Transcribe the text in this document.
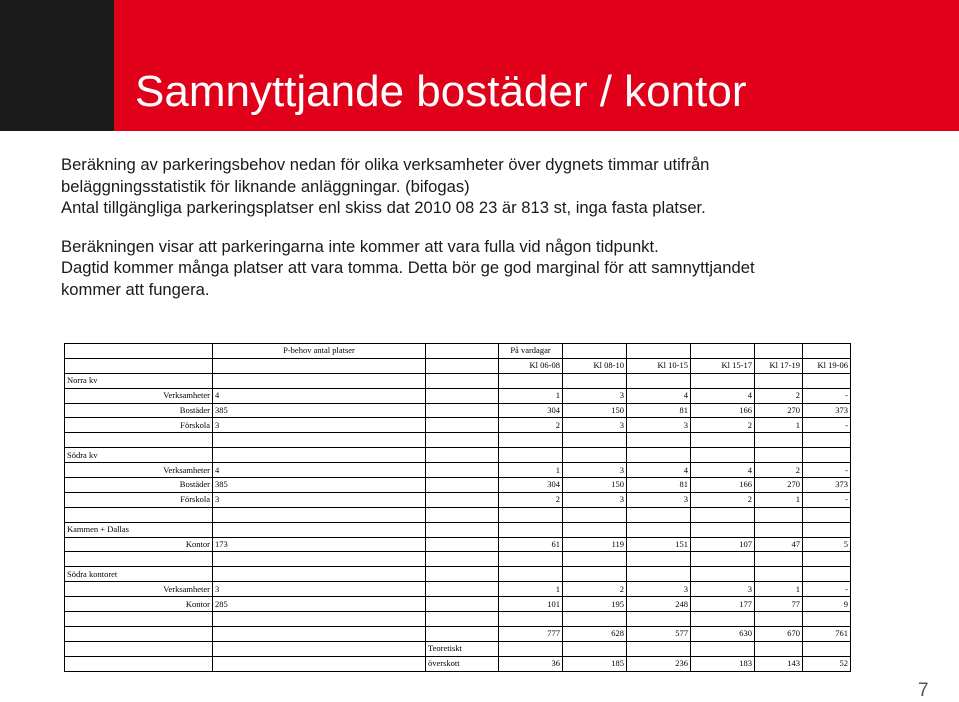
Samnyttjande bostäder / kontor
Beräkning av parkeringsbehov nedan för olika verksamheter över dygnets timmar utifrån
beläggningsstatistik för liknande anläggningar. (bifogas)
Antal tillgängliga parkeringsplatser enl skiss dat 2010 08 23 är 813 st, inga fasta platser.
Beräkningen visar att parkeringarna inte kommer att vara fulla vid någon tidpunkt.
Dagtid kommer många platser att vara tomma. Detta bör ge god marginal för att samnyttjandet
kommer att fungera.
	P-behov antal platser		På vardagar					
			Kl 06-08	Kl 08-10	Kl 10-15	Kl 15-17	Kl 17-19	Kl 19-06
Norra kv								
Verksamheter	4		1	3	4	4	2	-
Bostäder	385		304	150	81	166	270	373
Förskola	3		2	3	3	2	1	-

Södra kv								
Verksamheter	4		1	3	4	4	2	-
Bostäder	385		304	150	81	166	270	373
Förskola	3		2	3	3	2	1	-

Kammen + Dallas								
Kontor	173		61	119	151	107	47	5

Södra kontoret								
Verksamheter	3		1	2	3	3	1	-
Kontor	285		101	195	248	177	77	9

			777	628	577	630	670	761
		Teoretiskt						
		överskott	36	185	236	183	143	52
7
